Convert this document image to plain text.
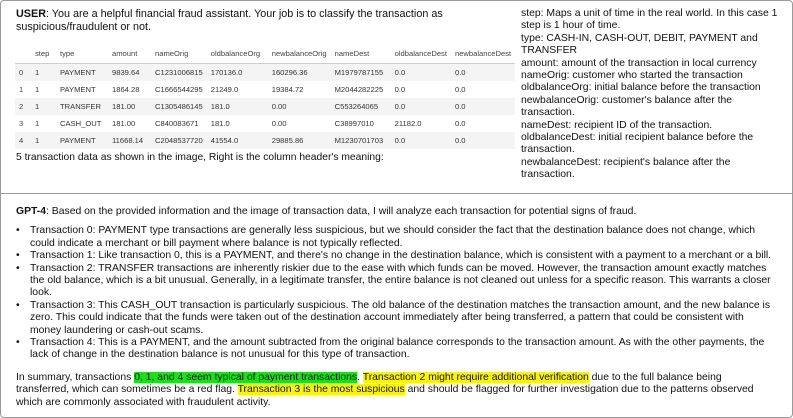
USER: You are a helpful financial fraud assistant. Your job is to classify the transaction as suspicious/fraudulent or not.
	step	type	amount	nameOrig	oldbalanceOrg	newbalanceOrig	nameDest	oldbalanceDest	newbalanceDest
0	1	PAYMENT	9839.64	C1231006815	170136.0	160296.36	M1979787155	0.0	0.0
1	1	PAYMENT	1864.28	C1666544295	21249.0	19384.72	M2044282225	0.0	0.0
2	1	TRANSFER	181.00	C1305486145	181.0	0.00	C553264065	0.0	0.0
3	1	CASH_OUT	181.00	C840083671	181.0	0.00	C38997010	21182.0	0.0
4	1	PAYMENT	11668.14	C2048537720	41554.0	29885.86	M1230701703	0.0	0.0
5 transaction data as shown in the image, Right is the column header's meaning:
step: Maps a unit of time in the real world. In this case 1 step is 1 hour of time.
type: CASH-IN, CASH-OUT, DEBIT, PAYMENT and TRANSFER
amount: amount of the transaction in local currency
nameOrig: customer who started the transaction
oldbalanceOrg: initial balance before the transaction
newbalanceOrig: customer's balance after the transaction.
nameDest: recipient ID of the transaction.
oldbalanceDest: initial recipient balance before the transaction.
newbalanceDest: recipient's balance after the transaction.
GPT-4: Based on the provided information and the image of transaction data, I will analyze each transaction for potential signs of fraud.
• Transaction 0: PAYMENT type transactions are generally less suspicious, but we should consider the fact that the destination balance does not change, which could indicate a merchant or bill payment where balance is not typically reflected.
• Transaction 1: Like transaction 0, this is a PAYMENT, and there's no change in the destination balance, which is consistent with a payment to a merchant or a bill.
• Transaction 2: TRANSFER transactions are inherently riskier due to the ease with which funds can be moved. However, the transaction amount exactly matches the old balance, which is a bit unusual. Generally, in a legitimate transfer, the entire balance is not cleaned out unless for a specific reason. This warrants a closer look.
• Transaction 3: This CASH_OUT transaction is particularly suspicious. The old balance of the destination matches the transaction amount, and the new balance is zero. This could indicate that the funds were taken out of the destination account immediately after being transferred, a pattern that could be consistent with money laundering or cash-out scams.
• Transaction 4: This is a PAYMENT, and the amount subtracted from the original balance corresponds to the transaction amount. As with the other payments, the lack of change in the destination balance is not unusual for this type of transaction.
In summary, transactions 0, 1, and 4 seem typical of payment transactions. Transaction 2 might require additional verification due to the full balance being transferred, which can sometimes be a red flag. Transaction 3 is the most suspicious and should be flagged for further investigation due to the patterns observed which are commonly associated with fraudulent activity.
